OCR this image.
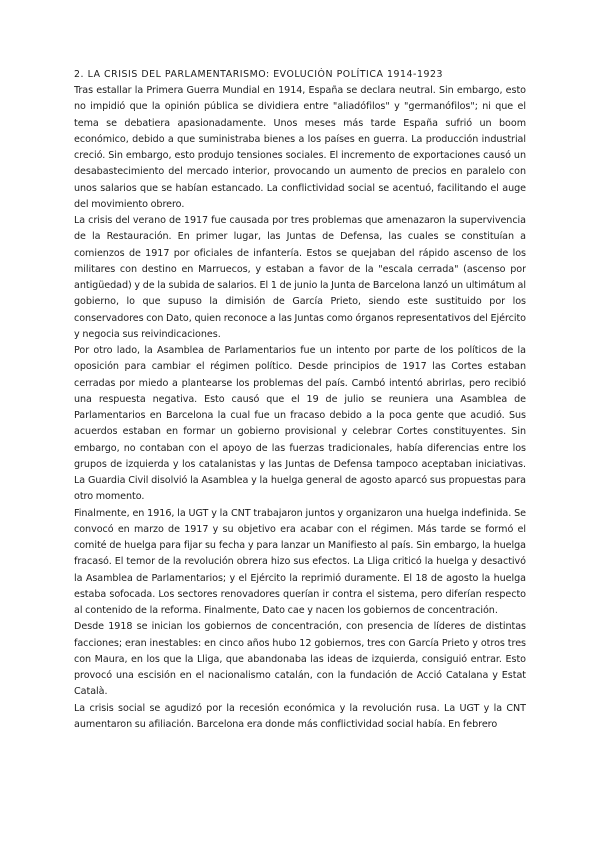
2. LA CRISIS DEL PARLAMENTARISMO: EVOLUCIÓN POLÍTICA 1914-1923

Tras estallar la Primera Guerra Mundial en 1914, España se declara neutral. Sin embargo, esto no impidió que la opinión pública se dividiera entre "aliadófilos" y "germanófilos"; ni que el tema se debatiera apasionadamente. Unos meses más tarde España sufrió un boom económico, debido a que suministraba bienes a los países en guerra. La producción industrial creció. Sin embargo, esto produjo tensiones sociales. El incremento de exportaciones causó un desabastecimiento del mercado interior, provocando un aumento de precios en paralelo con unos salarios que se habían estancado. La conflictividad social se acentuó, facilitando el auge del movimiento obrero.

La crisis del verano de 1917 fue causada por tres problemas que amenazaron la supervivencia de la Restauración. En primer lugar, las Juntas de Defensa, las cuales se constituían a comienzos de 1917 por oficiales de infantería. Estos se quejaban del rápido ascenso de los militares con destino en Marruecos, y estaban a favor de la "escala cerrada" (ascenso por antigüedad) y de la subida de salarios. El 1 de junio la Junta de Barcelona lanzó un ultimátum al gobierno, lo que supuso la dimisión de García Prieto, siendo este sustituido por los conservadores con Dato, quien reconoce a las Juntas como órganos representativos del Ejército y negocia sus reivindicaciones.

Por otro lado, la Asamblea de Parlamentarios fue un intento por parte de los políticos de la oposición para cambiar el régimen político. Desde principios de 1917 las Cortes estaban cerradas por miedo a plantearse los problemas del país. Cambó intentó abrirlas, pero recibió una respuesta negativa. Esto causó que el 19 de julio se reuniera una Asamblea de Parlamentarios en Barcelona la cual fue un fracaso debido a la poca gente que acudió. Sus acuerdos estaban en formar un gobierno provisional y celebrar Cortes constituyentes. Sin embargo, no contaban con el apoyo de las fuerzas tradicionales, había diferencias entre los grupos de izquierda y los catalanistas y las Juntas de Defensa tampoco aceptaban iniciativas. La Guardia Civil disolvió la Asamblea y la huelga general de agosto aparcó sus propuestas para otro momento.

Finalmente, en 1916, la UGT y la CNT trabajaron juntos y organizaron una huelga indefinida. Se convocó en marzo de 1917 y su objetivo era acabar con el régimen. Más tarde se formó el comité de huelga para fijar su fecha y para lanzar un Manifiesto al país. Sin embargo, la huelga fracasó. El temor de la revolución obrera hizo sus efectos. La Lliga criticó la huelga y desactivó la Asamblea de Parlamentarios; y el Ejército la reprimió duramente. El 18 de agosto la huelga estaba sofocada. Los sectores renovadores querían ir contra el sistema, pero diferían respecto al contenido de la reforma. Finalmente, Dato cae y nacen los gobiernos de concentración.

Desde 1918 se inician los gobiernos de concentración, con presencia de líderes de distintas facciones; eran inestables: en cinco años hubo 12 gobiernos, tres con García Prieto y otros tres con Maura, en los que la Lliga, que abandonaba las ideas de izquierda, consiguió entrar. Esto provocó una escisión en el nacionalismo catalán, con la fundación de Acció Catalana y Estat Català.

La crisis social se agudizó por la recesión económica y la revolución rusa. La UGT y la CNT aumentaron su afiliación. Barcelona era donde más conflictividad social había. En febrero
